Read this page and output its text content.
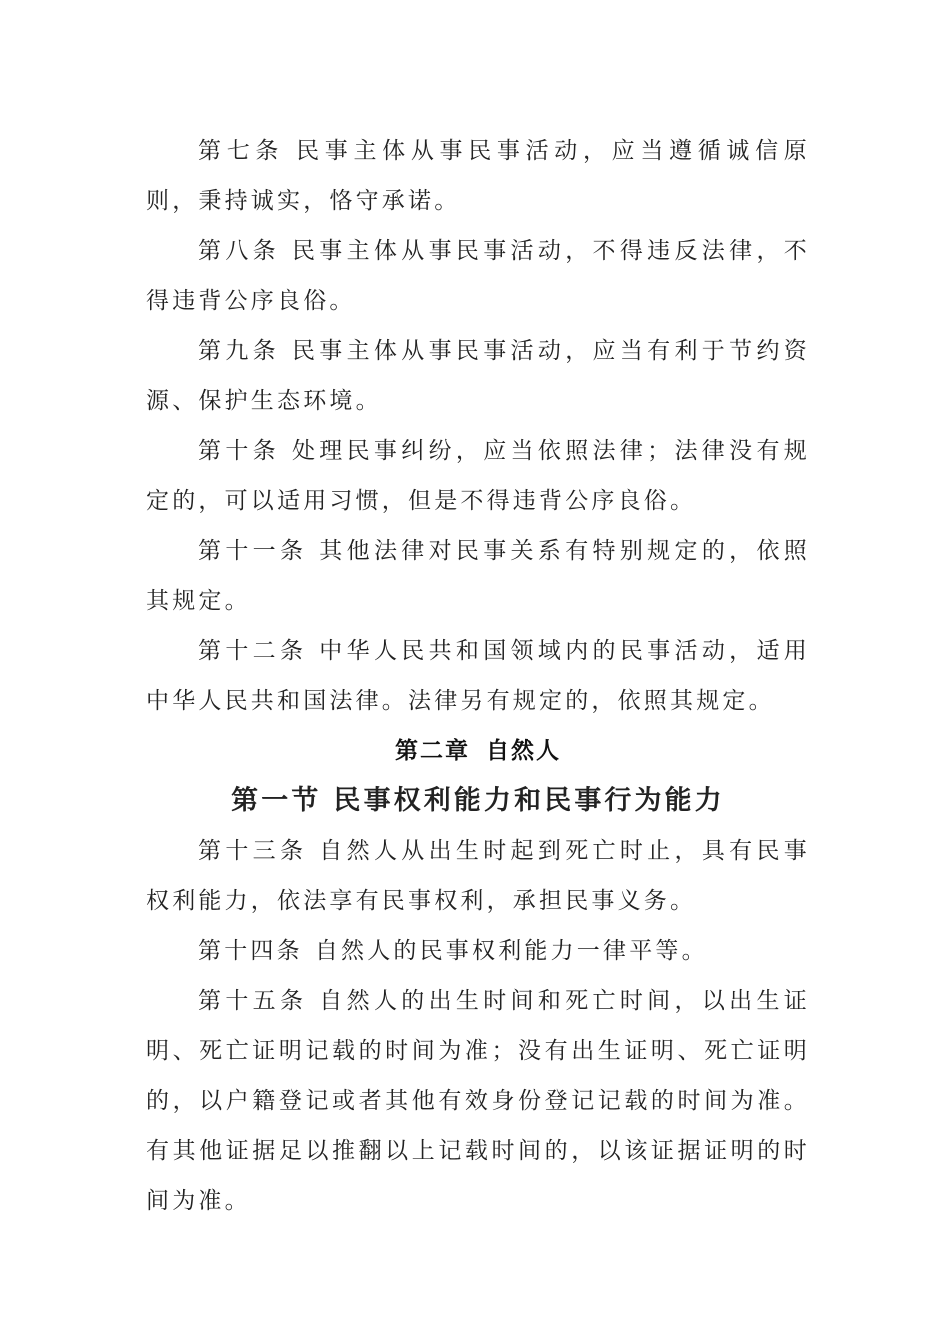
第七条 民事主体从事民事活动，应当遵循诚信原则，秉持诚实，恪守承诺。

第八条 民事主体从事民事活动，不得违反法律，不得违背公序良俗。

第九条 民事主体从事民事活动，应当有利于节约资源、保护生态环境。

第十条 处理民事纠纷，应当依照法律；法律没有规定的，可以适用习惯，但是不得违背公序良俗。

第十一条 其他法律对民事关系有特别规定的，依照其规定。

第十二条 中华人民共和国领域内的民事活动，适用中华人民共和国法律。法律另有规定的，依照其规定。

第二章 自然人
第一节 民事权利能力和民事行为能力

第十三条 自然人从出生时起到死亡时止，具有民事权利能力，依法享有民事权利，承担民事义务。

第十四条 自然人的民事权利能力一律平等。

第十五条 自然人的出生时间和死亡时间，以出生证明、死亡证明记载的时间为准；没有出生证明、死亡证明的，以户籍登记或者其他有效身份登记记载的时间为准。有其他证据足以推翻以上记载时间的，以该证据证明的时间为准。
